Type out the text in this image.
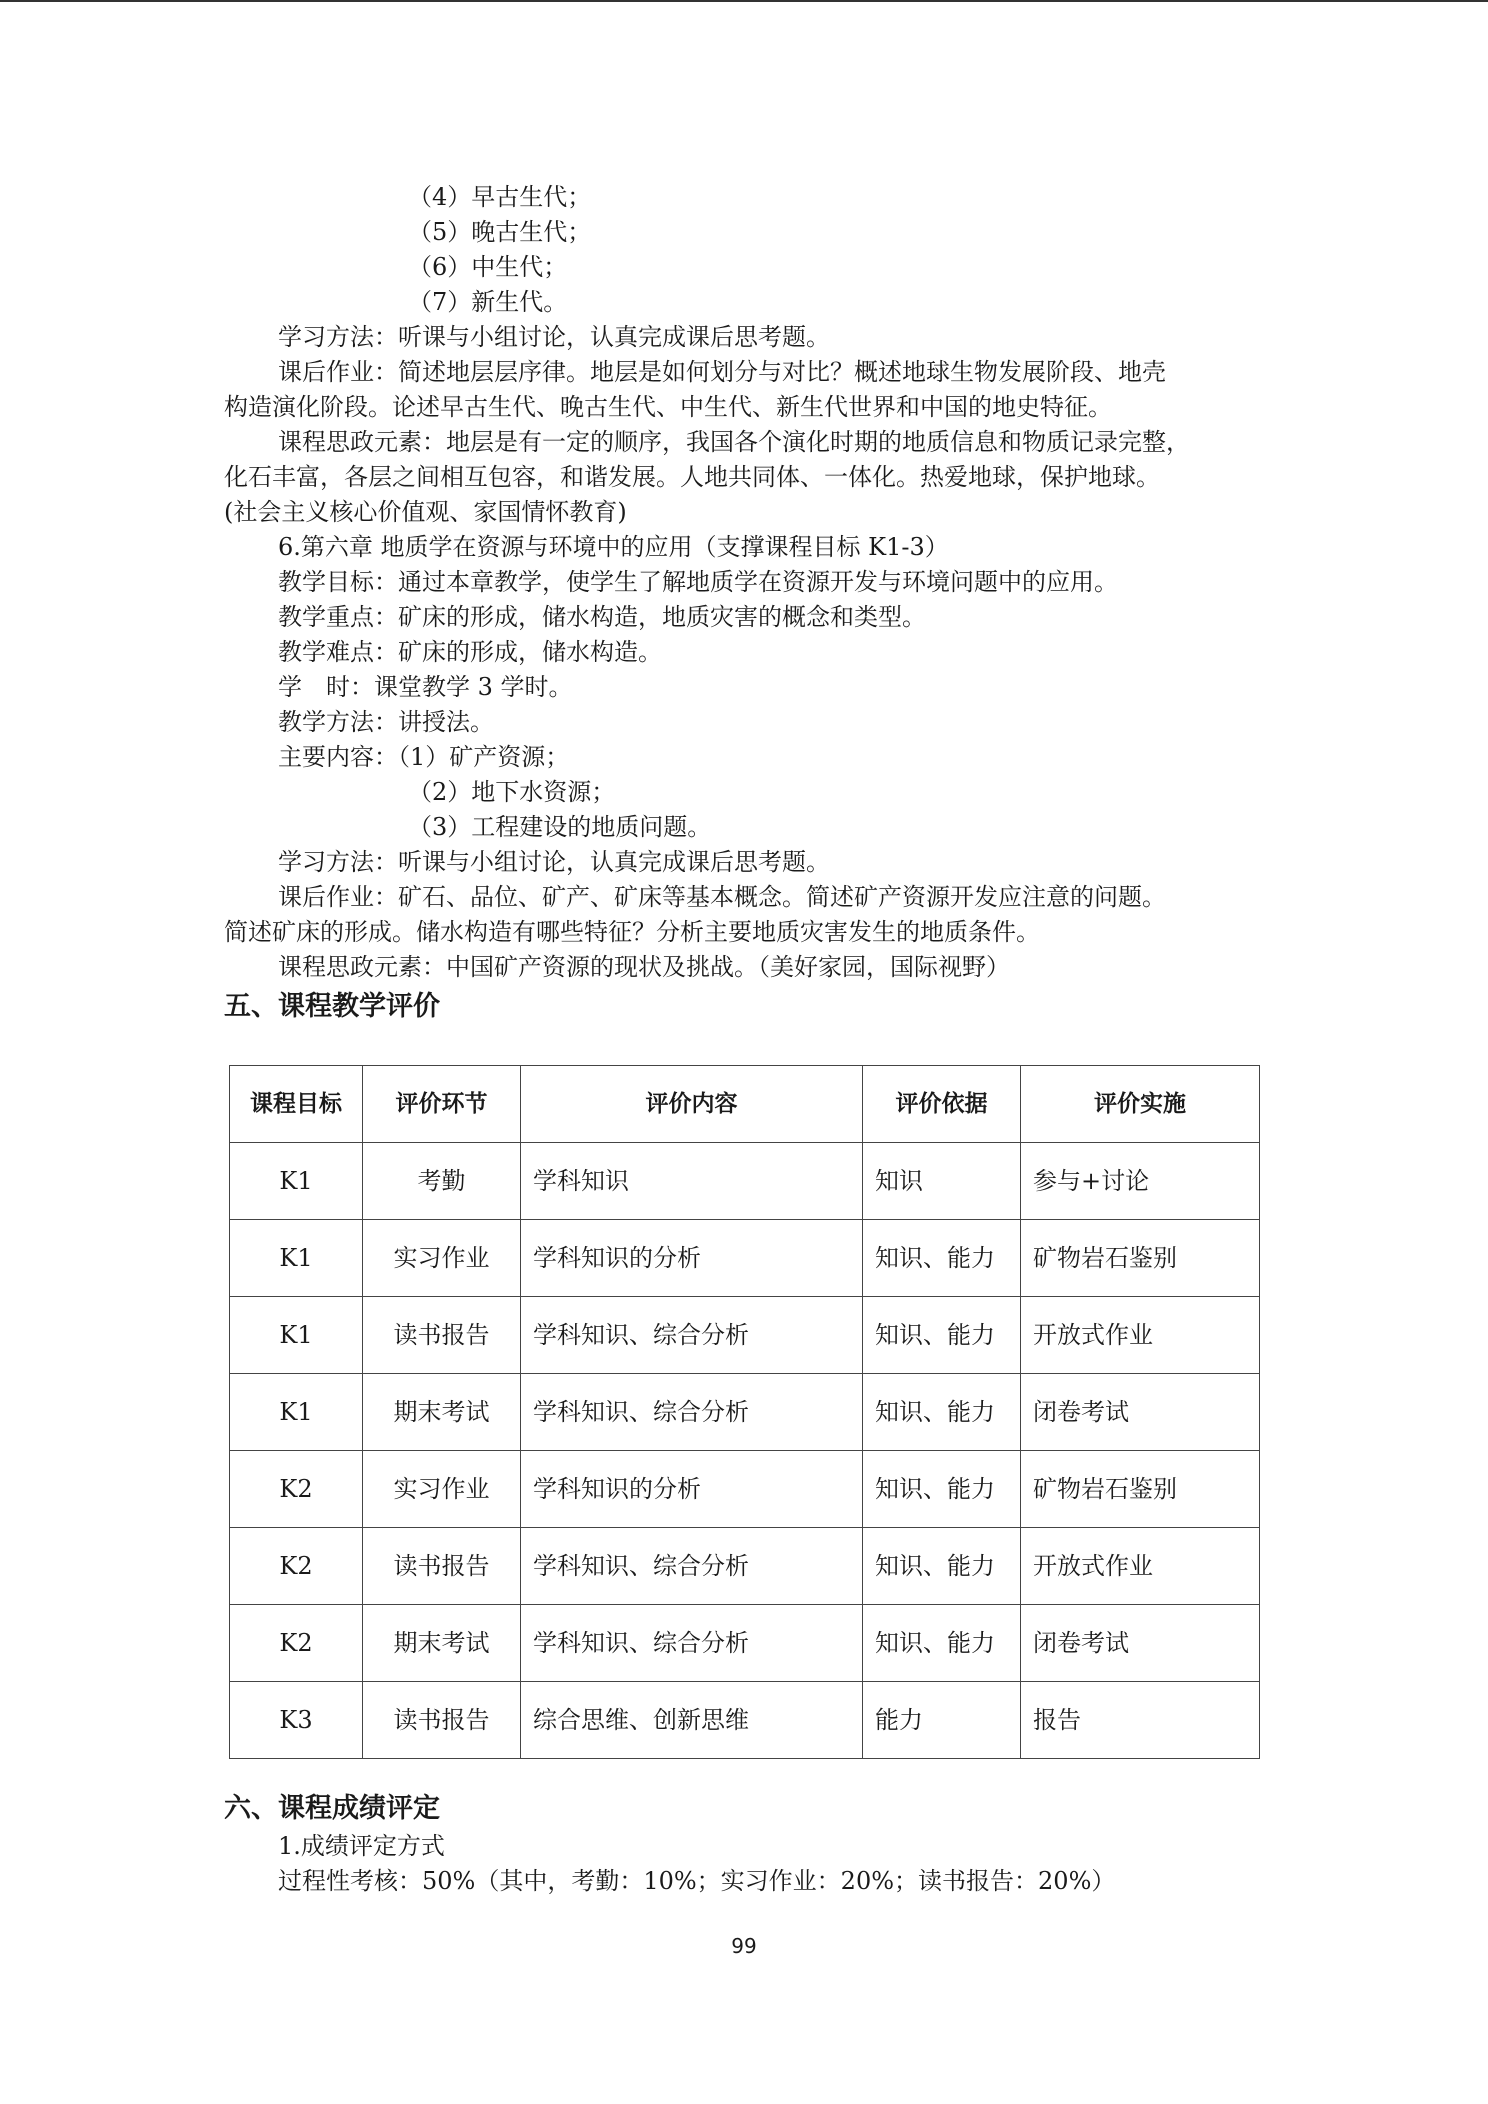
（4）早古生代；
（5）晚古生代；
（6）中生代；
（7）新生代。
学习方法：听课与小组讨论，认真完成课后思考题。
课后作业：简述地层层序律。地层是如何划分与对比？概述地球生物发展阶段、地壳
构造演化阶段。论述早古生代、晚古生代、中生代、新生代世界和中国的地史特征。
课程思政元素：地层是有一定的顺序，我国各个演化时期的地质信息和物质记录完整，
化石丰富，各层之间相互包容，和谐发展。人地共同体、一体化。热爱地球，保护地球。
(社会主义核心价值观、家国情怀教育)
6.第六章 地质学在资源与环境中的应用（支撑课程目标 K1-3）
教学目标：通过本章教学，使学生了解地质学在资源开发与环境问题中的应用。
教学重点：矿床的形成，储水构造，地质灾害的概念和类型。
教学难点：矿床的形成，储水构造。
学　时：课堂教学 3 学时。
教学方法：讲授法。
主要内容：（1）矿产资源；
（2）地下水资源；
（3）工程建设的地质问题。
学习方法：听课与小组讨论，认真完成课后思考题。
课后作业：矿石、品位、矿产、矿床等基本概念。简述矿产资源开发应注意的问题。
简述矿床的形成。储水构造有哪些特征？分析主要地质灾害发生的地质条件。
课程思政元素：中国矿产资源的现状及挑战。（美好家园，国际视野）
五、课程教学评价
课程目标	评价环节	评价内容	评价依据	评价实施
K1	考勤	学科知识	知识	参与+讨论
K1	实习作业	学科知识的分析	知识、能力	矿物岩石鉴别
K1	读书报告	学科知识、综合分析	知识、能力	开放式作业
K1	期末考试	学科知识、综合分析	知识、能力	闭卷考试
K2	实习作业	学科知识的分析	知识、能力	矿物岩石鉴别
K2	读书报告	学科知识、综合分析	知识、能力	开放式作业
K2	期末考试	学科知识、综合分析	知识、能力	闭卷考试
K3	读书报告	综合思维、创新思维	能力	报告
六、课程成绩评定
1.成绩评定方式
过程性考核：50%（其中，考勤：10%；实习作业：20%；读书报告：20%）
99
